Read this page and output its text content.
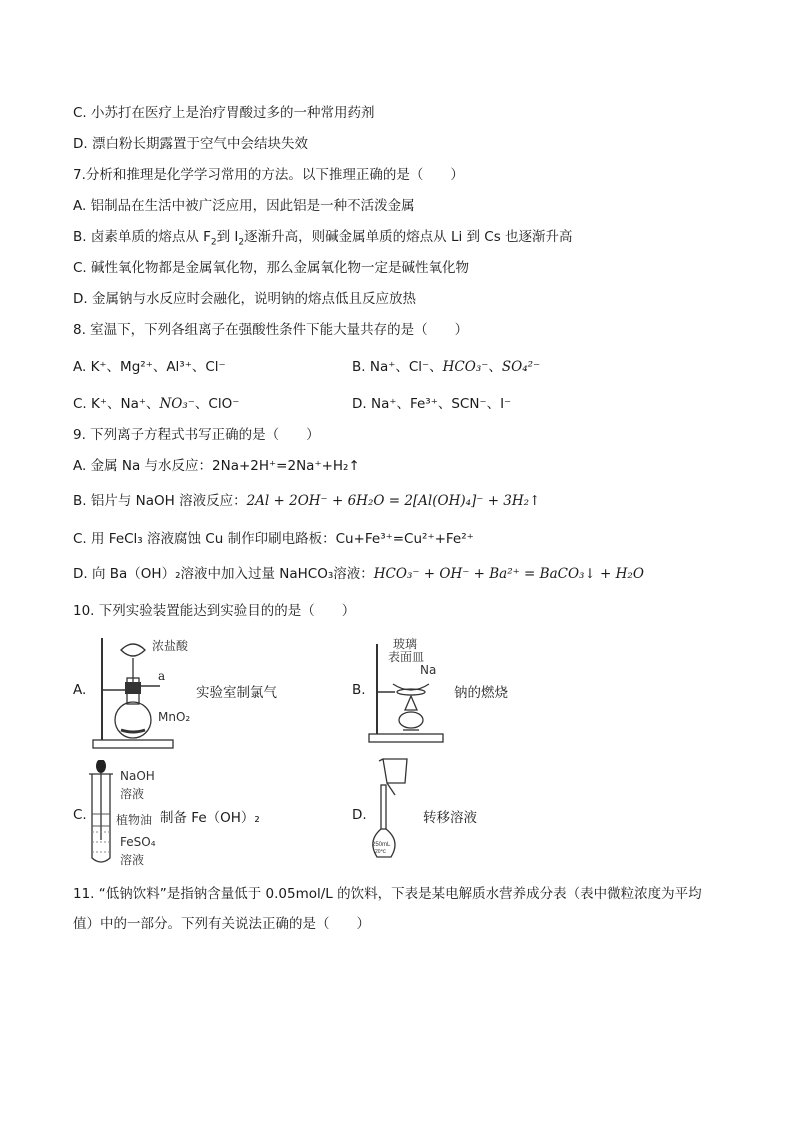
C. 小苏打在医疗上是治疗胃酸过多的一种常用药剂
D. 漂白粉长期露置于空气中会结块失效
7.分析和推理是化学学习常用的方法。以下推理正确的是（　　）
A. 铝制品在生活中被广泛应用，因此铝是一种不活泼金属
B. 卤素单质的熔点从 $F_2$到 $I_2$逐渐升高，则碱金属单质的熔点从 Li 到 Cs 也逐渐升高
C. 碱性氧化物都是金属氧化物，那么金属氧化物一定是碱性氧化物
D. 金属钠与水反应时会融化，说明钠的熔点低且反应放热
8. 室温下，下列各组离子在强酸性条件下能大量共存的是（　　）
A. K⁺、Mg²⁺、Al³⁺、Cl⁻	B. Na⁺、Cl⁻、HCO₃⁻、SO₄²⁻
C. K⁺、Na⁺、NO₃⁻、ClO⁻	D. Na⁺、Fe³⁺、SCN⁻、I⁻
9. 下列离子方程式书写正确的是（　　）
A. 金属 Na 与水反应：2Na+2H⁺=2Na⁺+H₂↑
B. 铝片与 NaOH 溶液反应：2Al + 2OH⁻ + 6H₂O = 2[Al(OH)₄]⁻ + 3H₂↑
C. 用 FeCl₃ 溶液腐蚀 Cu 制作印刷电路板：Cu+Fe³⁺=Cu²⁺+Fe²⁺
D. 向 Ba（OH）₂溶液中加入过量 NaHCO₃溶液：HCO₃⁻ + OH⁻ + Ba²⁺ = BaCO₃↓ + H₂O
10. 下列实验装置能达到实验目的的是（　　）
A.
a
浓盐酸
MnO₂
实验室制氯气	B.
玻璃
表面皿
Na
钠的燃烧
C.
NaOH
溶液
植物油
FeSO₄
溶液
制备 Fe（OH）₂	D.
250mL
20℃
转移溶液
11. “低钠饮料”是指钠含量低于 0.05mol/L 的饮料，下表是某电解质水营养成分表（表中微粒浓度为平均
值）中的一部分。下列有关说法正确的是（　　）
